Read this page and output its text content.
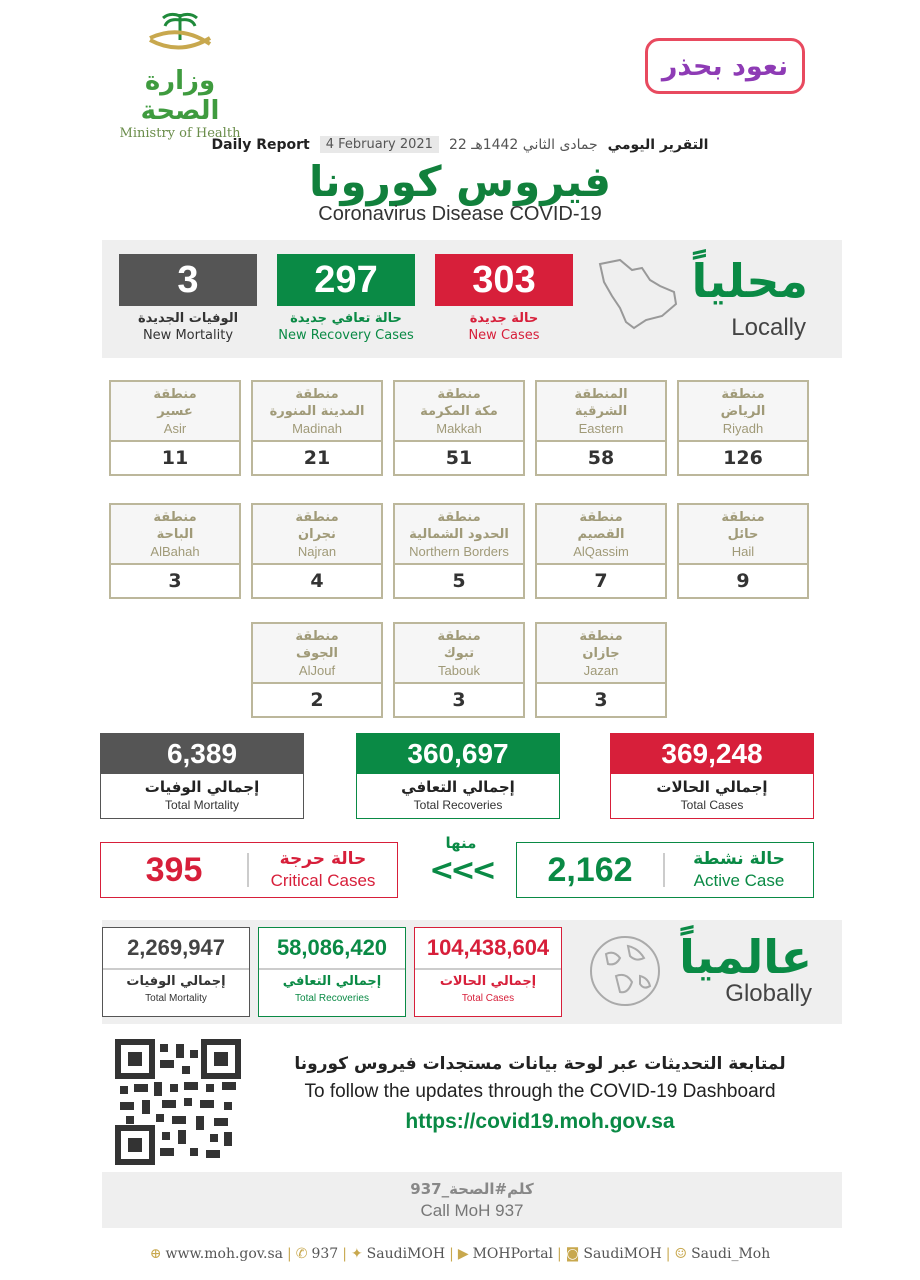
وزارة الصحة
Ministry of Health
نعود بحذر
Daily Report	4 February 2021	22 جمادى الثاني 1442هـ التقرير اليومي
فيروس كورونا
Coronavirus Disease COVID-19
3
الوفيات الجديدة
New Mortality
297
حالة تعافي جديدة
New Recovery Cases
303
حالة جديدة
New Cases
محلياً
Locally
منطقة
الرياض
Riyadh
126
المنطقة
الشرقية
Eastern
58
منطقة
مكة المكرمة
Makkah
51
منطقة
المدينة المنورة
Madinah
21
منطقة
عسير
Asir
11
منطقة
حائل
Hail
9
منطقة
القصيم
AlQassim
7
منطقة
الحدود الشمالية
Northern Borders
5
منطقة
نجران
Najran
4
منطقة
الباحة
AlBahah
3
منطقة
جازان
Jazan
3
منطقة
تبوك
Tabouk
3
منطقة
الجوف
AlJouf
2
6,389
إجمالي الوفيات
Total Mortality
360,697
إجمالي التعافي
Total Recoveries
369,248
إجمالي الحالات
Total Cases
395	حالة حرجة
Critical Cases
منها
<<<	2,162	حالة نشطة
Active Case
2,269,947
إجمالي الوفيات
Total Mortality
58,086,420
إجمالي التعافي
Total Recoveries
104,438,604
إجمالي الحالات
Total Cases
عالمياً
Globally
لمتابعة التحديثات عبر لوحة بيانات مستجدات فيروس كورونا
To follow the updates through the COVID-19 Dashboard
https://covid19.moh.gov.sa
كلم#الصحة_937
Call MoH 937
⊕ www.moh.gov.sa | ✆ 937 | ✦ SaudiMOH | ▶ MOHPortal | ◙ SaudiMOH | ☺ Saudi_Moh
